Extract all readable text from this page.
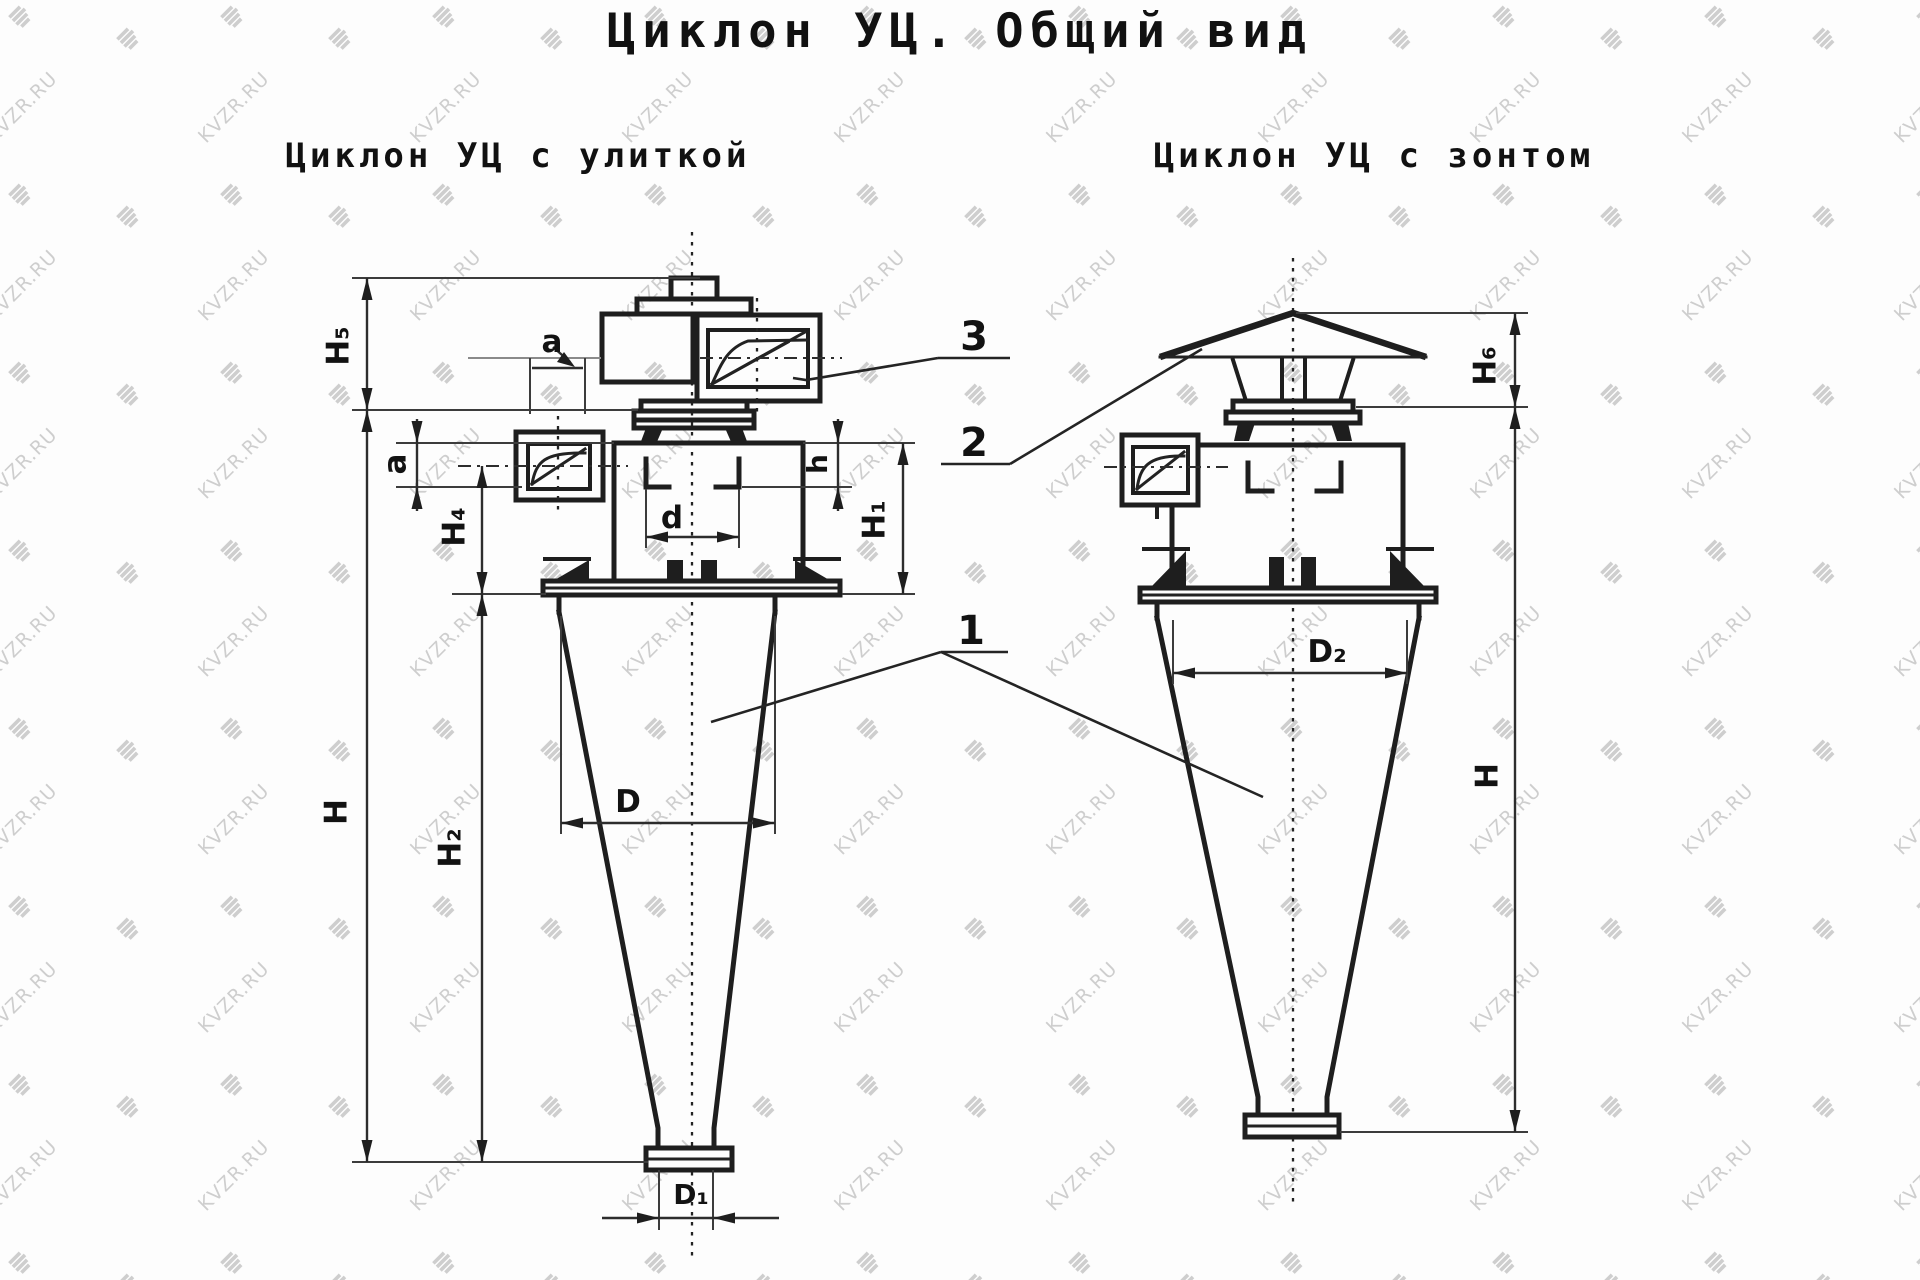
H₅
H
a
H₄
H₂
a
h
H₁
d
D
D₁
H₆
H
D₂
3
2
1
Циклон УЦ. Общий вид
Циклон УЦ с улиткой	Циклон УЦ с зонтом
